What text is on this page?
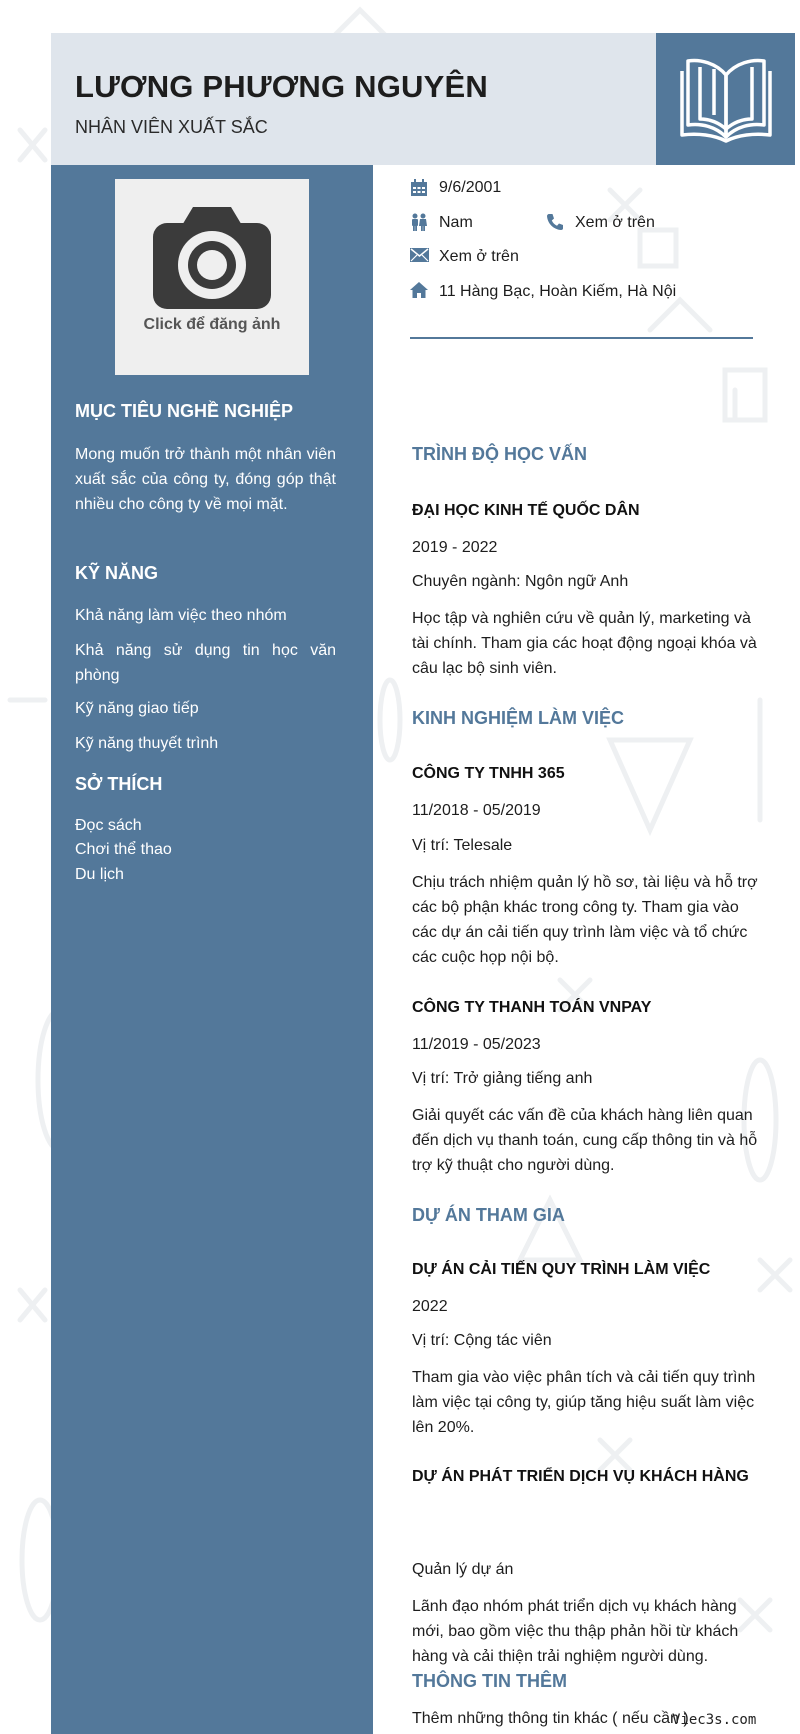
LƯƠNG PHƯƠNG NGUYÊN
NHÂN VIÊN XUẤT SẮC
Click để đăng ảnh
MỤC TIÊU NGHỀ NGHIỆP
Mong muốn trở thành một nhân viên xuất sắc của công ty, đóng góp thật nhiều cho công ty về mọi mặt.
KỸ NĂNG
Khả năng làm việc theo nhóm
Khả năng sử dụng tin học văn phòng
Kỹ năng giao tiếp
Kỹ năng thuyết trình
SỞ THÍCH
Đọc sách
Chơi thể thao
Du lịch
9/6/2001
Nam	Xem ở trên
Xem ở trên
11 Hàng Bạc, Hoàn Kiếm, Hà Nội
TRÌNH ĐỘ HỌC VẤN
ĐẠI HỌC KINH TẾ QUỐC DÂN
2019 - 2022
Chuyên ngành: Ngôn ngữ Anh
Học tập và nghiên cứu về quản lý, marketing và tài chính. Tham gia các hoạt động ngoại khóa và câu lạc bộ sinh viên.
KINH NGHIỆM LÀM VIỆC
CÔNG TY TNHH 365
11/2018 - 05/2019
Vị trí: Telesale
Chịu trách nhiệm quản lý hồ sơ, tài liệu và hỗ trợ các bộ phận khác trong công ty. Tham gia vào các dự án cải tiến quy trình làm việc và tổ chức các cuộc họp nội bộ.
CÔNG TY THANH TOÁN VNPAY
11/2019 - 05/2023
Vị trí: Trở giảng tiếng anh
Giải quyết các vấn đề của khách hàng liên quan đến dịch vụ thanh toán, cung cấp thông tin và hỗ trợ kỹ thuật cho người dùng.
DỰ ÁN THAM GIA
DỰ ÁN CẢI TIẾN QUY TRÌNH LÀM VIỆC
2022
Vị trí: Cộng tác viên
Tham gia vào việc phân tích và cải tiến quy trình làm việc tại công ty, giúp tăng hiệu suất làm việc lên 20%.
DỰ ÁN PHÁT TRIỂN DỊCH VỤ KHÁCH HÀNG
Quản lý dự án
Lãnh đạo nhóm phát triển dịch vụ khách hàng mới, bao gồm việc thu thập phản hồi từ khách hàng và cải thiện trải nghiệm người dùng.
THÔNG TIN THÊM
Thêm những thông tin khác ( nếu cần )
Viec3s.com
